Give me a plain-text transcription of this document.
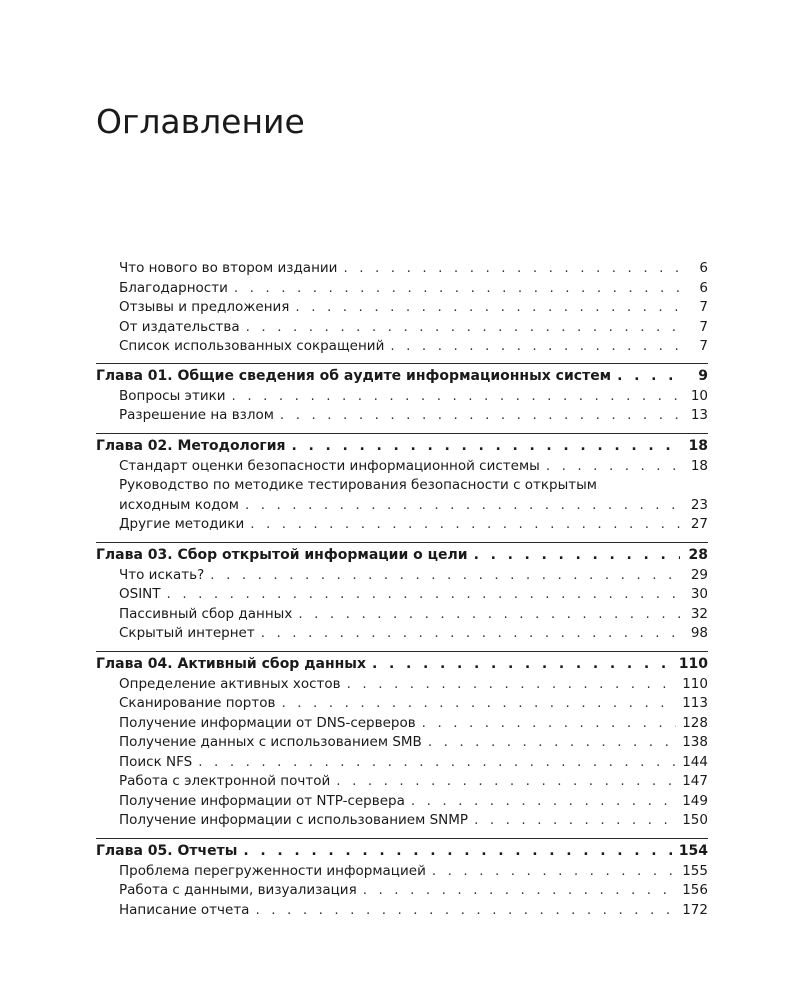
Оглавление
Что нового во втором издании . . .	6
Благодарности . . .	6
Отзывы и предложения . . .	7
От издательства . . .	7
Список использованных сокращений . . .	7
Глава 01. Общие сведения об аудите информационных систем . . .	9
Вопросы этики . . .	10
Разрешение на взлом . . .	13
Глава 02. Методология . . .	18
Стандарт оценки безопасности информационной системы . . .	18
Руководство по методике тестирования безопасности с открытым
исходным кодом . . .	23
Другие методики . . .	27
Глава 03. Сбор открытой информации о цели . . .	28
Что искать? . . .	29
OSINT . . .	30
Пассивный сбор данных . . .	32
Скрытый интернет . . .	98
Глава 04. Активный сбор данных . . .	110
Определение активных хостов . . .	110
Сканирование портов . . .	113
Получение информации от DNS-серверов . . .	128
Получение данных с использованием SMB . . .	138
Поиск NFS . . .	144
Работа с электронной почтой . . .	147
Получение информации от NTP-сервера . . .	149
Получение информации с использованием SNMP . . .	150
Глава 05. Отчеты . . .	154
Проблема перегруженности информацией . . .	155
Работа с данными, визуализация . . .	156
Написание отчета . . .	172
